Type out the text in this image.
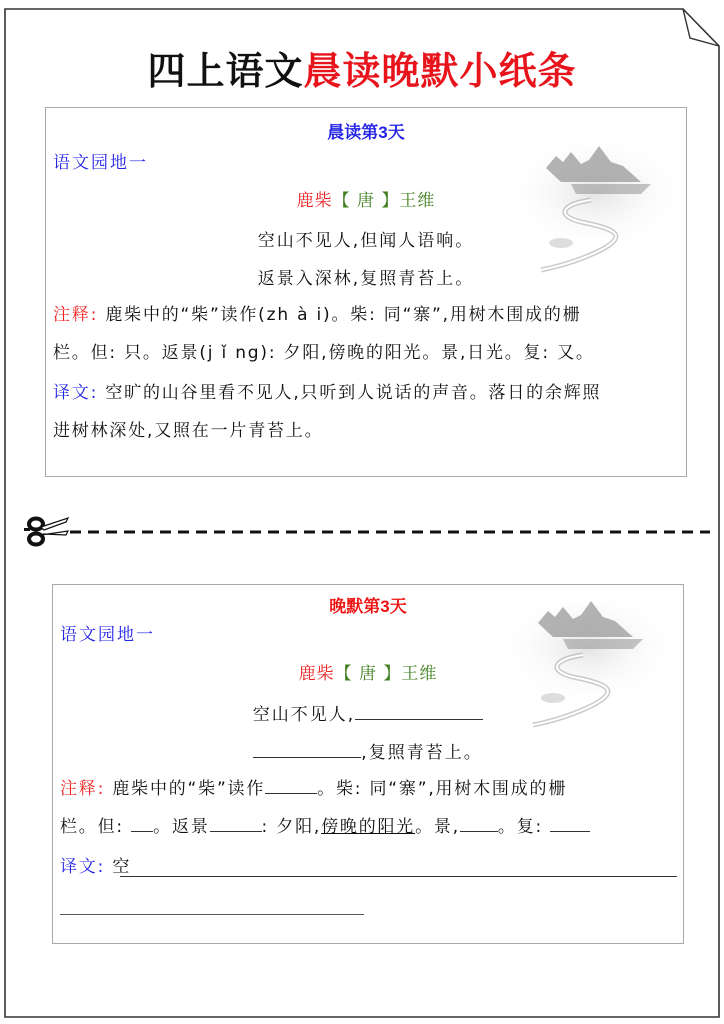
四上语文晨读晚默小纸条
晨读第3天
语文园地一
鹿柴【 唐 】王维
空山不见人,但闻人语响。
返景入深林,复照青苔上。
注释: 鹿柴中的“柴”读作(zh à i)。柴: 同“寨”,用树木围成的栅
栏。但: 只。返景(j ǐ ng): 夕阳,傍晚的阳光。景,日光。复: 又。
译文: 空旷的山谷里看不见人,只听到人说话的声音。落日的余辉照
进树林深处,又照在一片青苔上。
晚默第3天
语文园地一
鹿柴【 唐 】王维
空山不见人,
,复照青苔上。
注释: 鹿柴中的“柴”读作	。柴: 同“寨”,用树木围成的栅
栏。但: 。返景	: 夕阳,傍晚的阳光。景, 。复:
译文: 空
